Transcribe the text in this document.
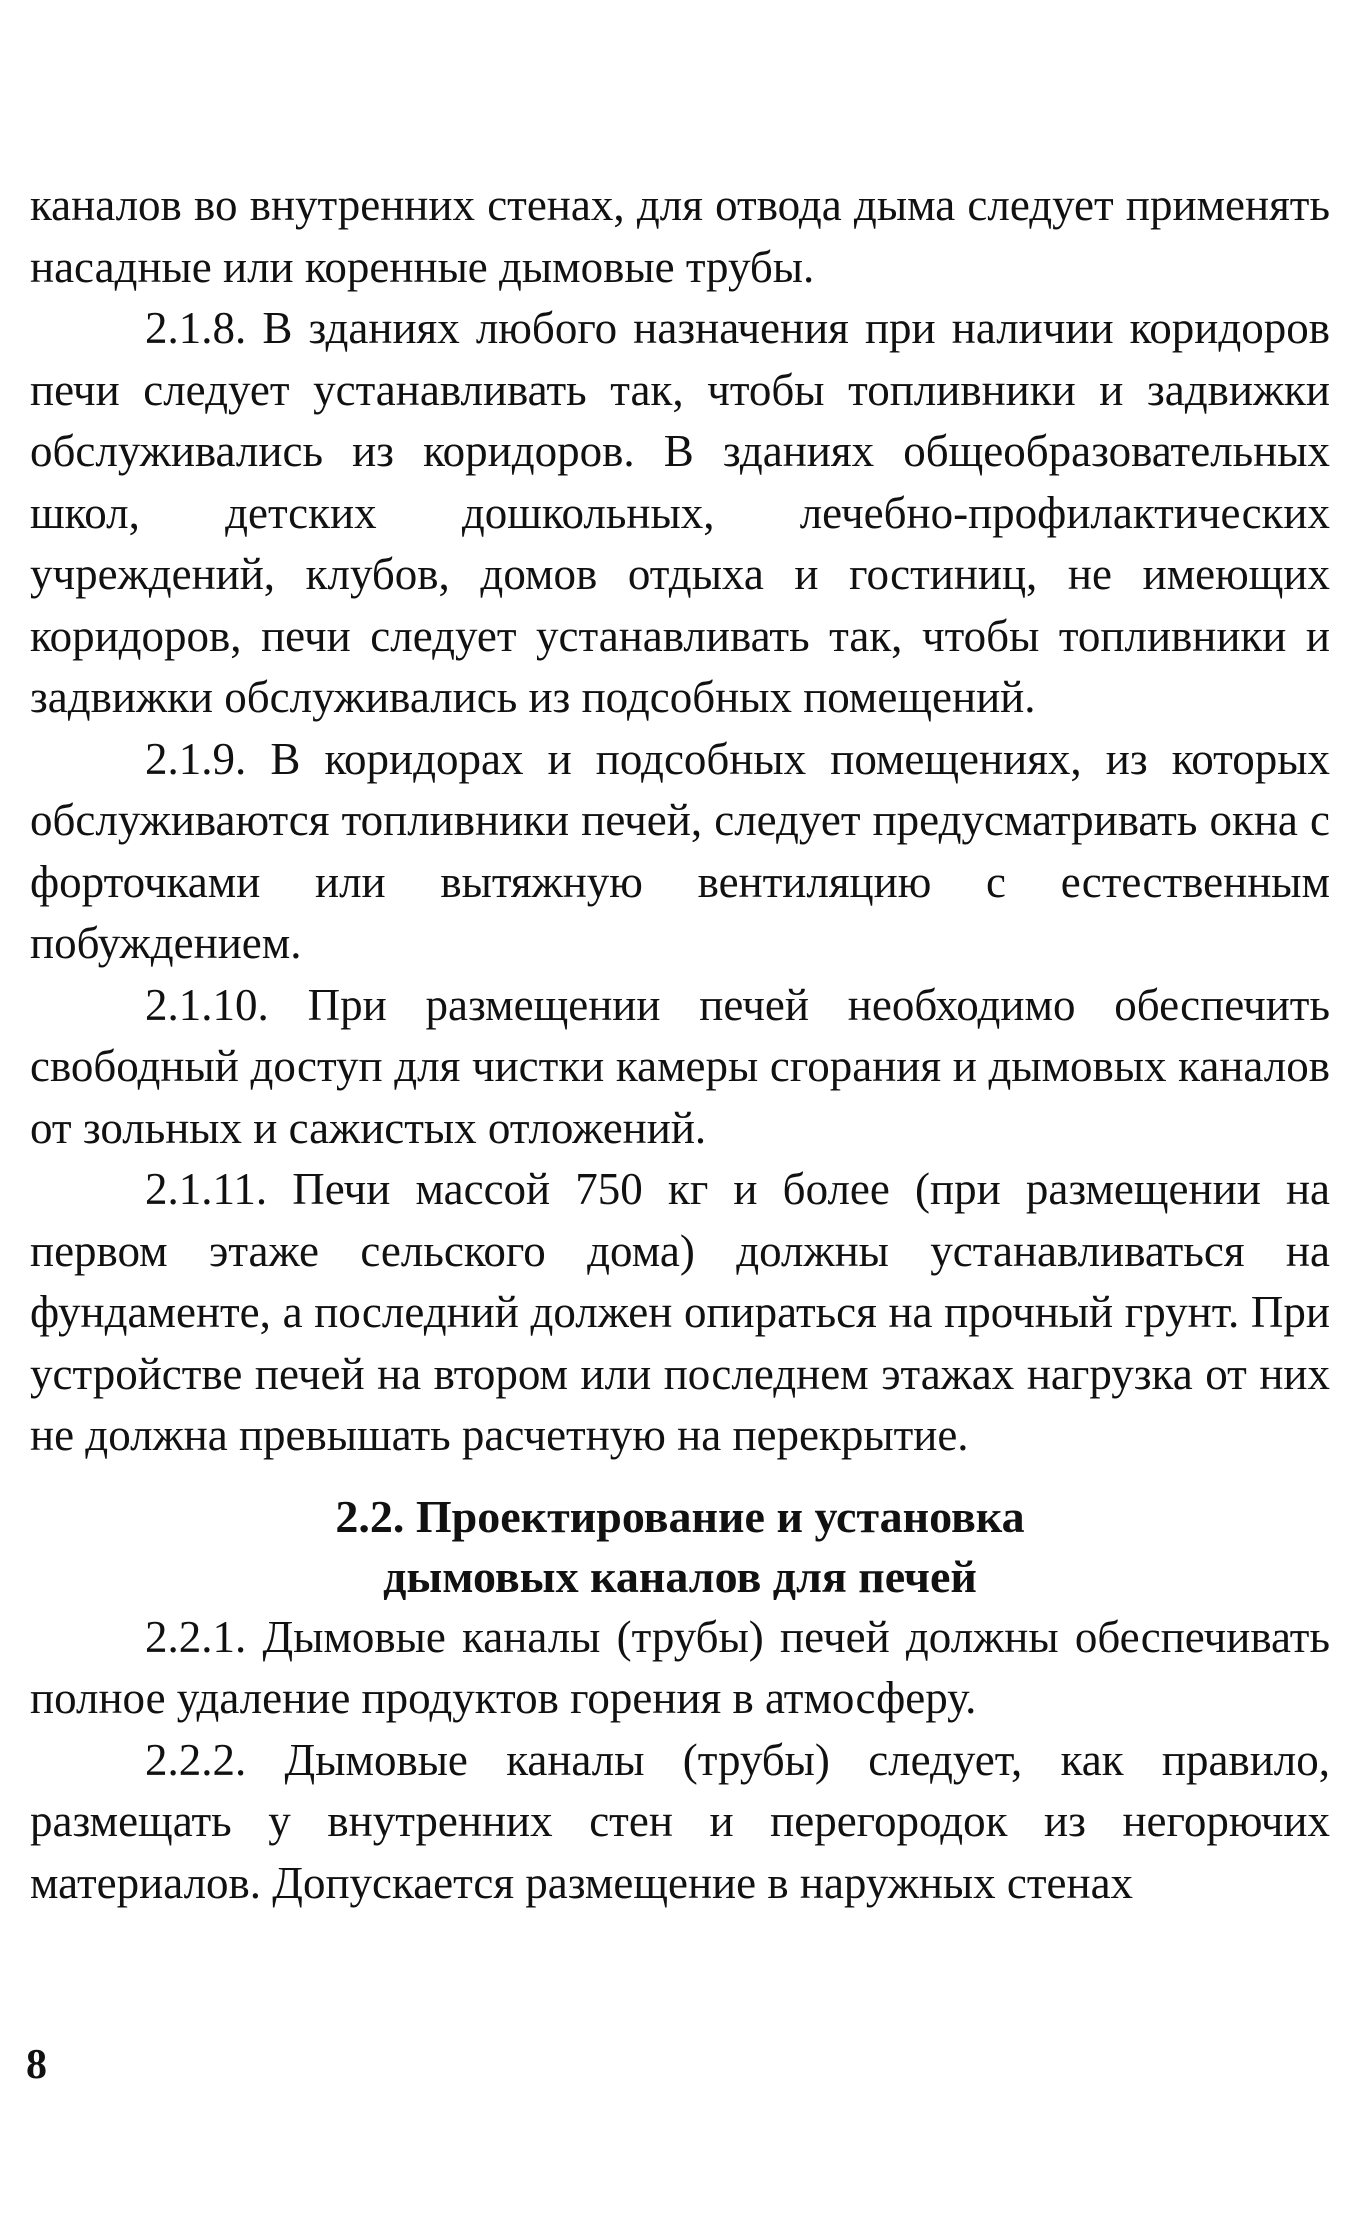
каналов во внутренних стенах, для отвода дыма следует применять насадные или коренные дымовые трубы.

2.1.8. В зданиях любого назначения при наличии коридоров печи следует устанавливать так, чтобы топливники и задвижки обслуживались из коридоров. В зданиях общеобразовательных школ, детских дошкольных, лечебно-профилактических учреждений, клубов, домов отдыха и гостиниц, не имеющих коридоров, печи следует устанавливать так, чтобы топливники и задвижки обслуживались из подсобных помещений.

2.1.9. В коридорах и подсобных помещениях, из которых обслуживаются топливники печей, следует предусматривать окна с форточками или вытяжную вентиляцию с естественным побуждением.

2.1.10. При размещении печей необходимо обеспечить свободный доступ для чистки камеры сгорания и дымовых каналов от зольных и сажистых отложений.

2.1.11. Печи массой 750 кг и более (при размещении на первом этаже сельского дома) должны устанавливаться на фундаменте, а последний должен опираться на прочный грунт. При устройстве печей на втором или последнем этажах нагрузка от них не должна превышать расчетную на перекрытие.

2.2. Проектирование и установка
дымовых каналов для печей

2.2.1. Дымовые каналы (трубы) печей должны обеспечивать полное удаление продуктов горения в атмосферу.

2.2.2. Дымовые каналы (трубы) следует, как правило, размещать у внутренних стен и перегородок из негорючих материалов. Допускается размещение в наружных стенах

8
